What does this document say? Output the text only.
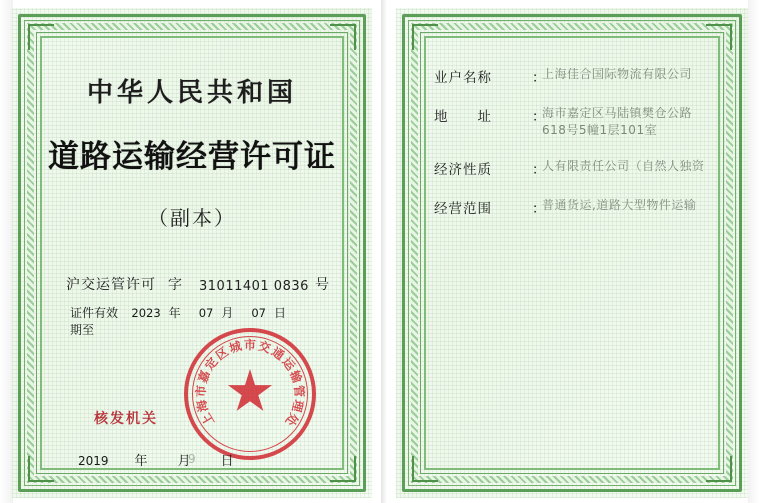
中华人民共和国
道路运输经营许可证
（副本）
沪交运管许可 字	31011401 0836 号
证件有效期至
2023 年	07 月	07 日
上
海
市
嘉
定
区
城 市 交
通
运
输
管
理
处
核发机关
2019 年 月 日
9
业户名称	：
上海佳合国际物流有限公司
地　　址	：
海市嘉定区马陆镇樊仓公路
618号5幢1层101室
经济性质	：
人有限责任公司（自然人独资
经营范围	：
普通货运,道路大型物件运输
